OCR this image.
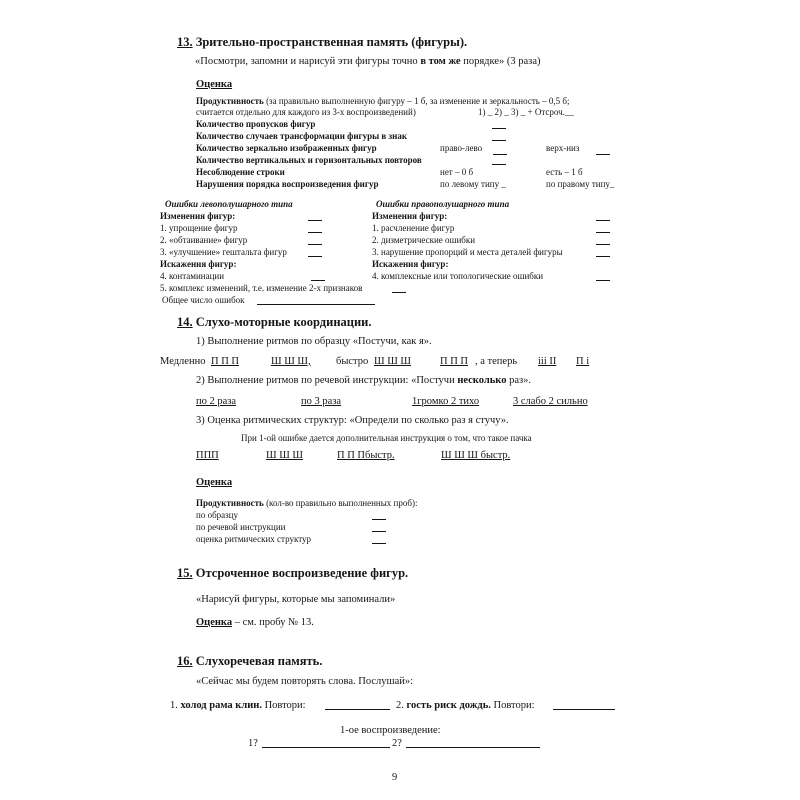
13. Зрительно-пространственная память (фигуры).
«Посмотри, запомни и нарисуй эти фигуры точно в том же порядке» (3 раза)
Оценка
Продуктивность (за правильно выполненную фигуру – 1 б, за изменение и зеркальность – 0,5 б;
считается отдельно для каждого из 3-х воспроизведений)	1) _ 2) _ 3) _ + Отсроч.__
Количество пропусков фигур
Количество случаев трансформации фигуры в знак
Количество зеркально изображенных фигур	право-лево	верх-низ
Количество вертикальных и горизонтальных повторов
Несоблюдение строки	нет – 0 б	есть – 1 б
Нарушения порядка воспроизведения фигур	по левому типу _	по правому типу_
Ошибки левополушарного типа
Изменения фигур:
1. упрощение фигур
2. «обтаивание» фигур
3. «улучшение» гештальта фигур
Искажения фигур:
4. контаминации
5. комплекс изменений, т.е. изменение 2-х признаков
Общее число ошибок
Ошибки правополушарного типа
Изменения фигур:
1. расчленение фигур
2. дизметрические ошибки
3. нарушение пропорций и места деталей фигуры
Искажения фигур:
4. комплексные или топологические ошибки
14. Слухо-моторные координации.
1) Выполнение ритмов по образцу «Постучи, как я».
Медленно П П П	Ш Ш Ш, быстро Ш Ш Ш	П П П , а теперь iii II П i
2) Выполнение ритмов по речевой инструкции: «Постучи несколько раз».
по 2 раза	по 3 раза	1громко 2 тихо	3 слабо 2 сильно
3) Оценка ритмических структур: «Определи по сколько раз я стучу».
При 1-ой ошибке дается дополнительная инструкция о том, что такое пачка
ППП	Ш Ш Ш	П П Пбыстр.	Ш Ш Ш быстр.
Оценка
Продуктивность (кол-во правильно выполненных проб):
по образцу
по речевой инструкции
оценка ритмических структур
15. Отсроченное воспроизведение фигур.
«Нарисуй фигуры, которые мы запоминали»
Оценка – см. пробу № 13.
16. Слухоречевая память.
«Сейчас мы будем повторять слова. Послушай»:
1. холод рама клин. Повтори:	2. гость риск дождь. Повтори:
1-ое воспроизведение:
1?	2?
9
